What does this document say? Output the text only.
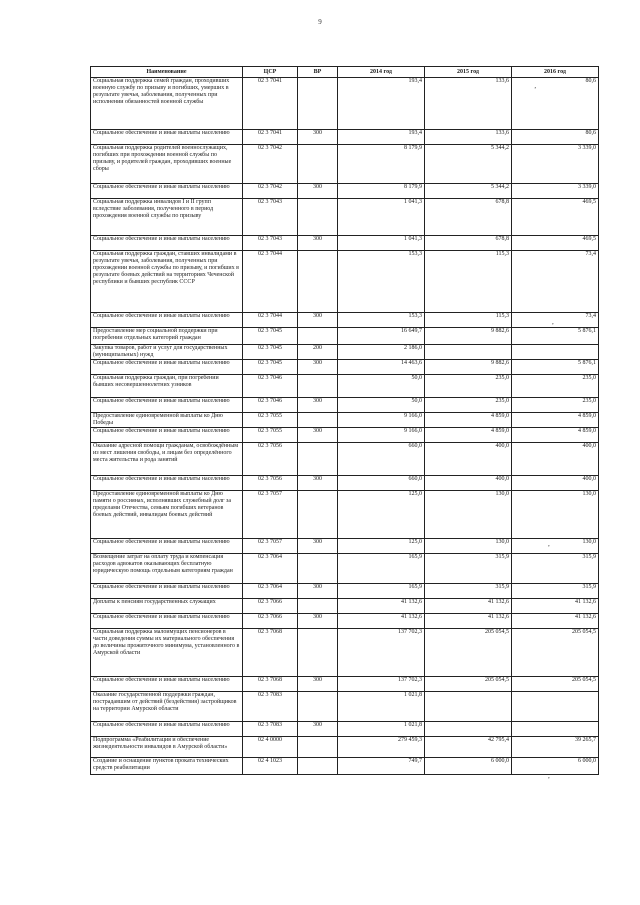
9
Наименование	ЦСР	ВР	2014 год	2015 год	2016 год
Социальная поддержка семей граждан, проходивших военную службу по призыву и погибших, умерших в результате увечья, заболевания, полученных при исполнении обязанностей военной службы	02 3 7041		193,4	133,6	80,6
Социальное обеспечение и иные выплаты населению	02 3 7041	300	193,4	133,6	80,6
Социальная поддержка родителей военнослужащих, погибших при прохождении военной службы по призыву, и родителей граждан, проходивших военные сборы	02 3 7042		8 179,9	5 344,2	3 339,0
Социальное обеспечение и иные выплаты населению	02 3 7042	300	8 179,9	5 344,2	3 339,0
Социальная поддержка инвалидов I и II групп вследствие заболевания, полученного в период прохождения военной службы по призыву	02 3 7043		1 041,3	678,8	469,5
Социальное обеспечение и иные выплаты населению	02 3 7043	300	1 041,3	678,8	469,5
Социальная поддержка граждан, ставших инвалидами в результате увечья, заболевания, полученных при прохождении военной службы по призыву, и погибших в результате боевых действий на территориях Чеченской республики и бывших республик СССР	02 3 7044		153,3	115,3	73,4
Социальное обеспечение и иные выплаты населению	02 3 7044	300	153,3	115,3	73,4
Предоставление мер социальной поддержки при погребении отдельных категорий граждан	02 3 7045		16 649,7	9 882,6	5 876,1
Закупка товаров, работ и услуг для государственных (муниципальных) нужд	02 3 7045	200	2 186,0		
Социальное обеспечение и иные выплаты населению	02 3 7045	300	14 463,6	9 882,6	5 876,1
Социальная поддержка граждан, при погребении бывших несовершеннолетних узников	02 3 7046		50,0	235,0	235,0
Социальное обеспечение и иные выплаты населению	02 3 7046	300	50,0	235,0	235,0
Предоставление единовременной выплаты ко Дню Победы	02 3 7055		9 166,0	4 859,0	4 859,0
Социальное обеспечение и иные выплаты населению	02 3 7055	300	9 166,0	4 859,0	4 859,0
Оказание адресной помощи гражданам, освобождённым из мест лишения свободы, и лицам без определённого места жительства и рода занятий	02 3 7056		660,0	400,0	400,0
Социальное обеспечение и иные выплаты населению	02 3 7056	300	660,0	400,0	400,0
Предоставление единовременной выплаты ко Дню памяти о россиянах, исполнявших служебный долг за пределами Отечества, семьям погибших ветеранов боевых действий, инвалидам боевых действий	02 3 7057		125,0	130,0	130,0
Социальное обеспечение и иные выплаты населению	02 3 7057	300	125,0	130,0	130,0
Возмещение затрат на оплату труда и компенсация расходов адвокатов оказывающих бесплатную юридическую помощь отдельным категориям граждан	02 3 7064		165,9	315,9	315,9
Социальное обеспечение и иные выплаты населению	02 3 7064	300	165,9	315,9	315,9
Доплаты к пенсиям государственных служащих	02 3 7066		41 132,6	41 132,6	41 132,6
Социальное обеспечение и иные выплаты населению	02 3 7066	300	41 132,6	41 132,6	41 132,6
Социальная поддержка малоимущих пенсионеров в части доведения суммы их материального обеспечения до величины прожиточного минимума, установленного в Амурской области	02 3 7068		137 702,3	205 054,5	205 054,5
Социальное обеспечение и иные выплаты населению	02 3 7068	300	137 702,3	205 054,5	205 054,5
Оказание государственной поддержки граждан, пострадавшим от действий (бездействия) застройщиков на территории Амурской области	02 3 7083		1 021,8		
Социальное обеспечение и иные выплаты населению	02 3 7083	300	1 021,8		
Подпрограмма «Реабилитация и обеспечение жизнедеятельности инвалидов в Амурской области»	02 4 0000		279 459,3	42 795,4	39 265,7
Создание и оснащение пунктов проката технических средств реабилитации	02 4 1023		749,7	6 000,0	6 000,0
’
,
,
,
